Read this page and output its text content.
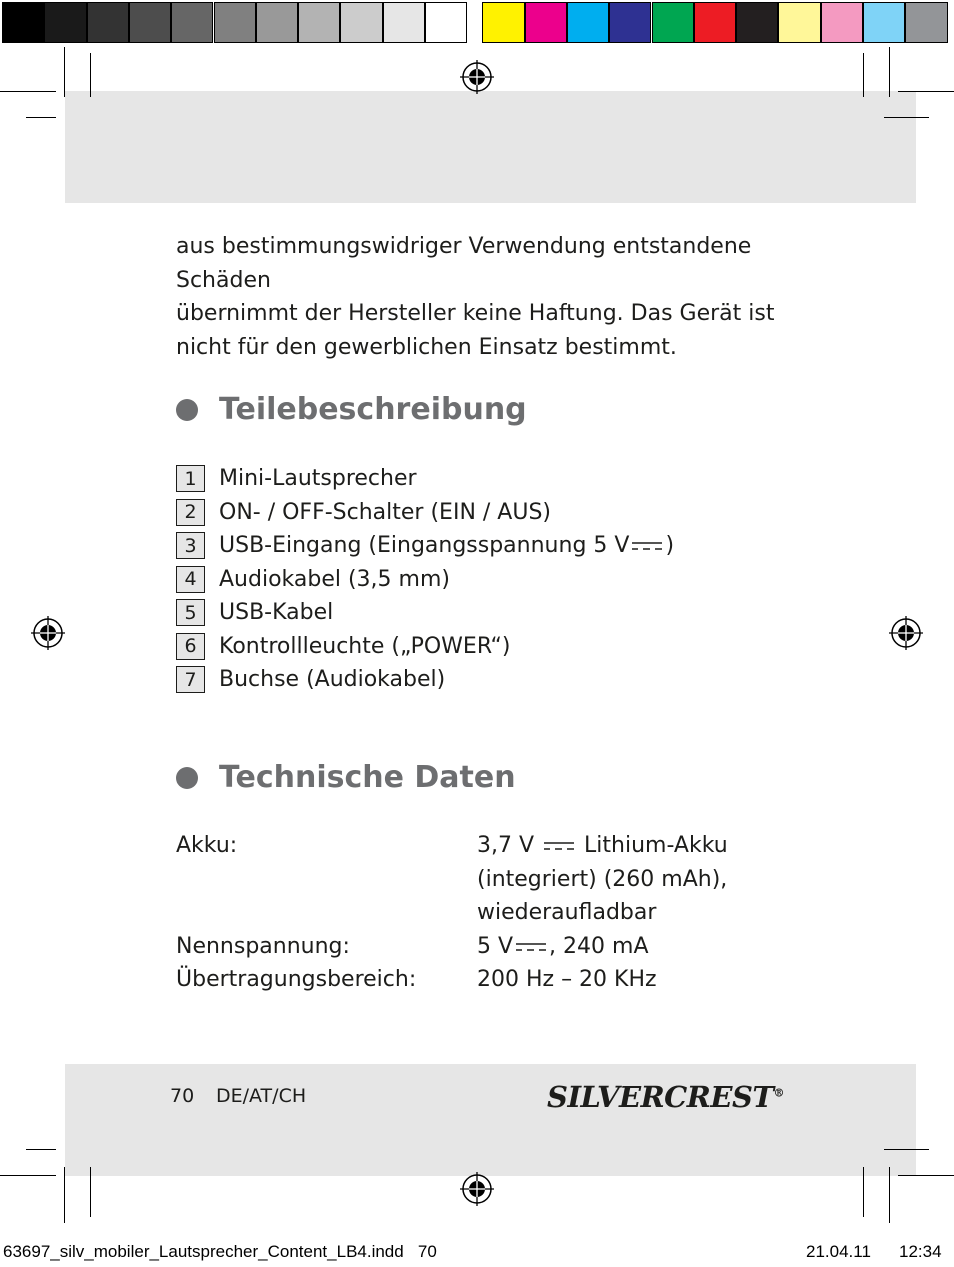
aus bestimmungswidriger Verwendung entstandene Schäden

übernimmt der Hersteller keine Haftung. Das Gerät ist

nicht für den gewerblichen Einsatz bestimmt.

Teilebeschreibung
1	Mini-Lautsprecher
2	ON- / OFF-Schalter (EIN / AUS)
3	USB-Eingang (Eingangsspannung 5 V )
4	Audiokabel (3,5 mm)
5	USB-Kabel
6	Kontrollleuchte („POWER“)
7	Buchse (Audiokabel)
Technische Daten
Akku:	3,7 V Lithium-Akku
(integriert) (260 mAh),
wiederaufladbar
Nennspannung:	5 V , 240 mA
Übertragungsbereich:	200 Hz – 20 KHz
70 DE/AT/CH	SILVERCREST®
63697_silv_mobiler_Lautsprecher_Content_LB4.indd   70	21.04.11 12:34
